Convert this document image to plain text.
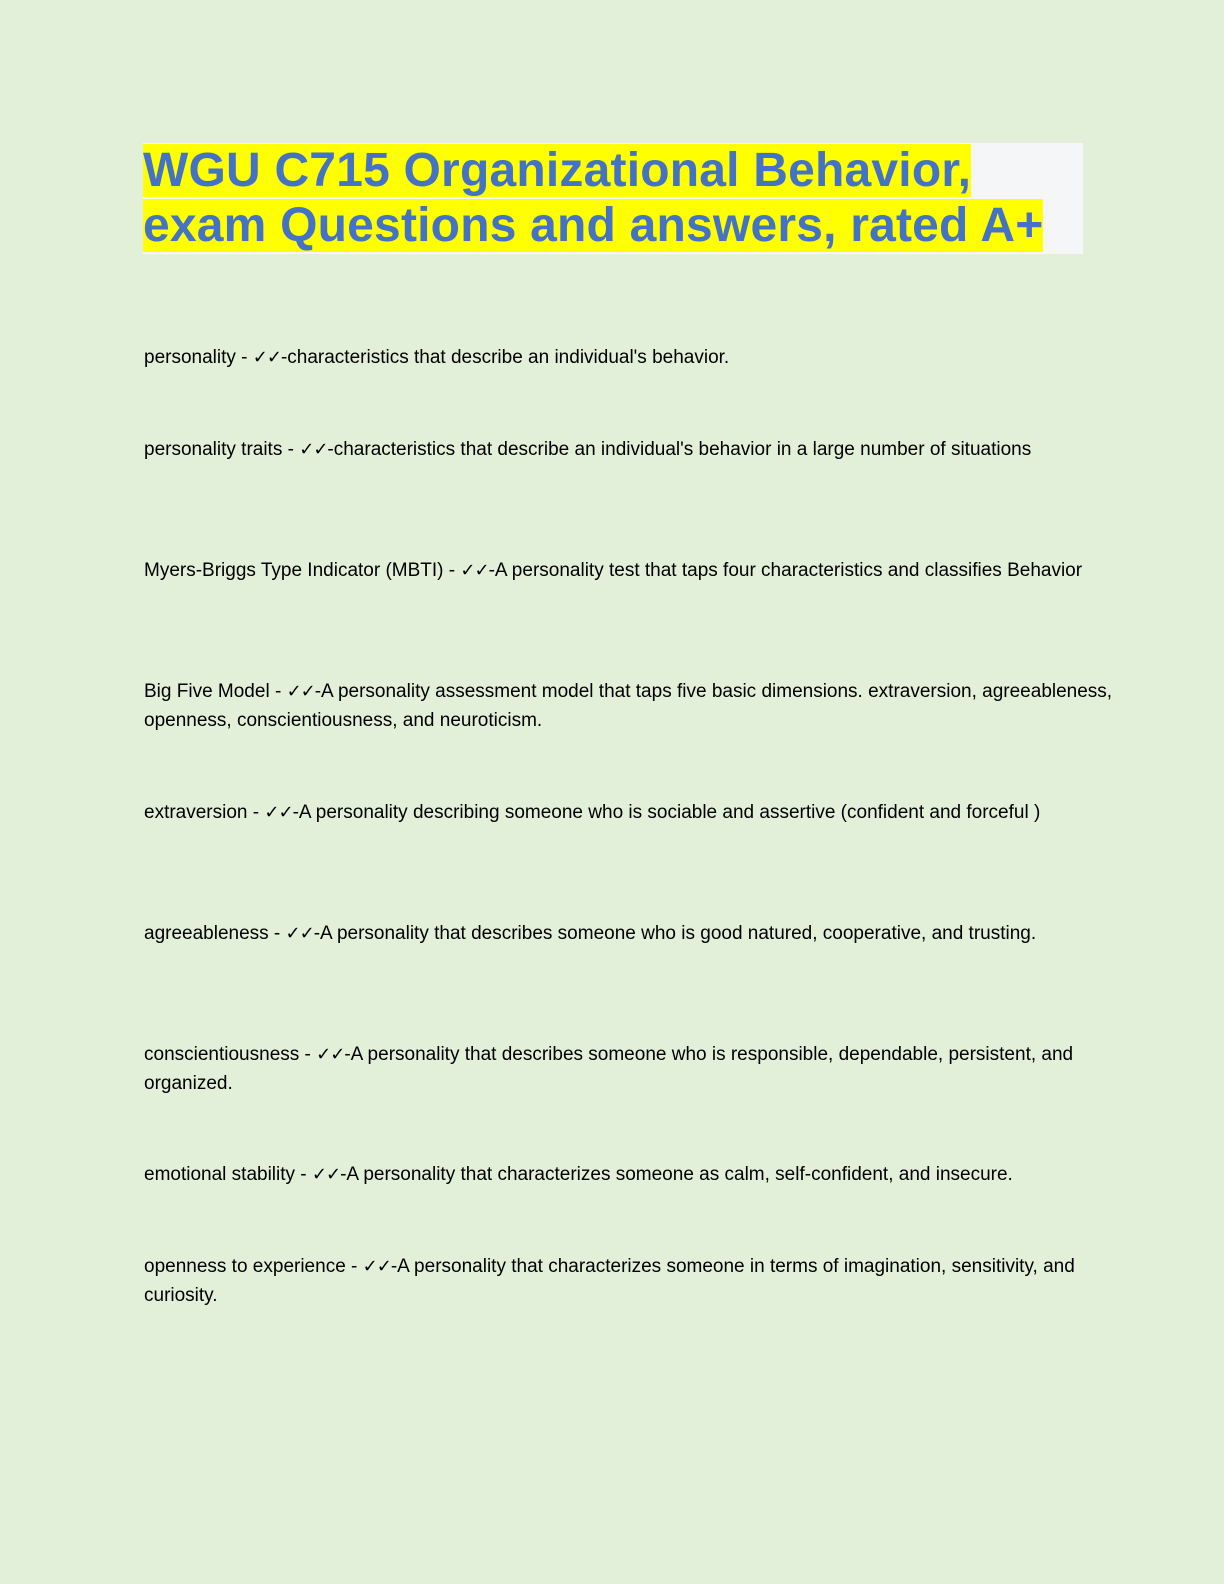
WGU C715 Organizational Behavior,
exam Questions and answers, rated A+

personality - ✓✓-characteristics that describe an individual's behavior.

personality traits - ✓✓-characteristics that describe an individual's behavior in a large number of situations

Myers-Briggs Type Indicator (MBTI) - ✓✓-A personality test that taps four characteristics and classifies Behavior

Big Five Model - ✓✓-A personality assessment model that taps five basic dimensions. extraversion, agreeableness, openness, conscientiousness, and neuroticism.

extraversion - ✓✓-A personality describing someone who is sociable and assertive (confident and forceful )

agreeableness - ✓✓-A personality that describes someone who is good natured, cooperative, and trusting.

conscientiousness - ✓✓-A personality that describes someone who is responsible, dependable, persistent, and organized.

emotional stability - ✓✓-A personality that characterizes someone as calm, self-confident, and insecure.

openness to experience - ✓✓-A personality that characterizes someone in terms of imagination, sensitivity, and curiosity.
